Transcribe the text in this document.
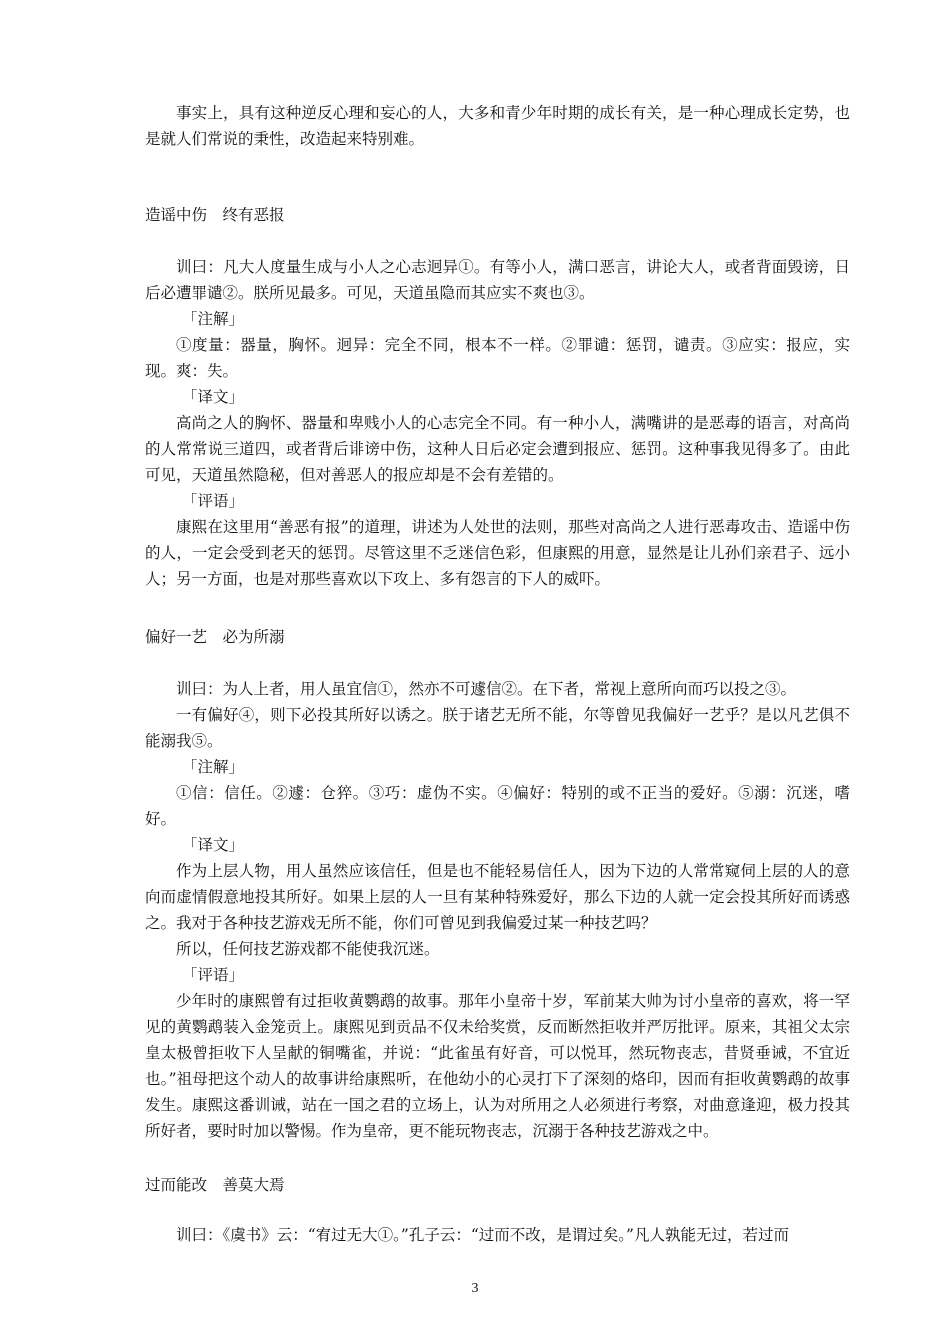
事实上，具有这种逆反心理和妄心的人，大多和青少年时期的成长有关，是一种心理成长定势，也是就人们常说的秉性，改造起来特别难。

造谣中伤　终有恶报

训曰：凡大人度量生成与小人之心志迥异①。有等小人，满口恶言，讲论大人，或者背面毁谤，日后必遭罪谴②。朕所见最多。可见，天道虽隐而其应实不爽也③。

「注解」

①度量：器量，胸怀。迥异：完全不同，根本不一样。②罪谴：惩罚，谴责。③应实：报应，实现。爽：失。

「译文」

高尚之人的胸怀、器量和卑贱小人的心志完全不同。有一种小人，满嘴讲的是恶毒的语言，对高尚的人常常说三道四，或者背后诽谤中伤，这种人日后必定会遭到报应、惩罚。这种事我见得多了。由此可见，天道虽然隐秘，但对善恶人的报应却是不会有差错的。

「评语」

康熙在这里用“善恶有报”的道理，讲述为人处世的法则，那些对高尚之人进行恶毒攻击、造谣中伤的人，一定会受到老天的惩罚。尽管这里不乏迷信色彩，但康熙的用意，显然是让儿孙们亲君子、远小人；另一方面，也是对那些喜欢以下攻上、多有怨言的下人的威吓。

偏好一艺　必为所溺

训曰：为人上者，用人虽宜信①，然亦不可遽信②。在下者，常视上意所向而巧以投之③。

一有偏好④，则下必投其所好以诱之。朕于诸艺无所不能，尔等曾见我偏好一艺乎？是以凡艺俱不能溺我⑤。

「注解」

①信：信任。②遽：仓猝。③巧：虚伪不实。④偏好：特别的或不正当的爱好。⑤溺：沉迷，嗜好。

「译文」

作为上层人物，用人虽然应该信任，但是也不能轻易信任人，因为下边的人常常窥伺上层的人的意向而虚情假意地投其所好。如果上层的人一旦有某种特殊爱好，那么下边的人就一定会投其所好而诱惑之。我对于各种技艺游戏无所不能，你们可曾见到我偏爱过某一种技艺吗？

所以，任何技艺游戏都不能使我沉迷。

「评语」

少年时的康熙曾有过拒收黄鹦鹉的故事。那年小皇帝十岁，军前某大帅为讨小皇帝的喜欢，将一罕见的黄鹦鹉装入金笼贡上。康熙见到贡品不仅未给奖赏，反而断然拒收并严厉批评。原来，其祖父太宗皇太极曾拒收下人呈献的铜嘴雀，并说：“此雀虽有好音，可以悦耳，然玩物丧志，昔贤垂诫，不宜近也。”祖母把这个动人的故事讲给康熙听，在他幼小的心灵打下了深刻的烙印，因而有拒收黄鹦鹉的故事发生。康熙这番训诫，站在一国之君的立场上，认为对所用之人必须进行考察，对曲意逢迎，极力投其所好者，要时时加以警惕。作为皇帝，更不能玩物丧志，沉溺于各种技艺游戏之中。

过而能改　善莫大焉

训曰：《虞书》云：“宥过无大①。”孔子云：“过而不改，是谓过矣。”凡人孰能无过，若过而

3
